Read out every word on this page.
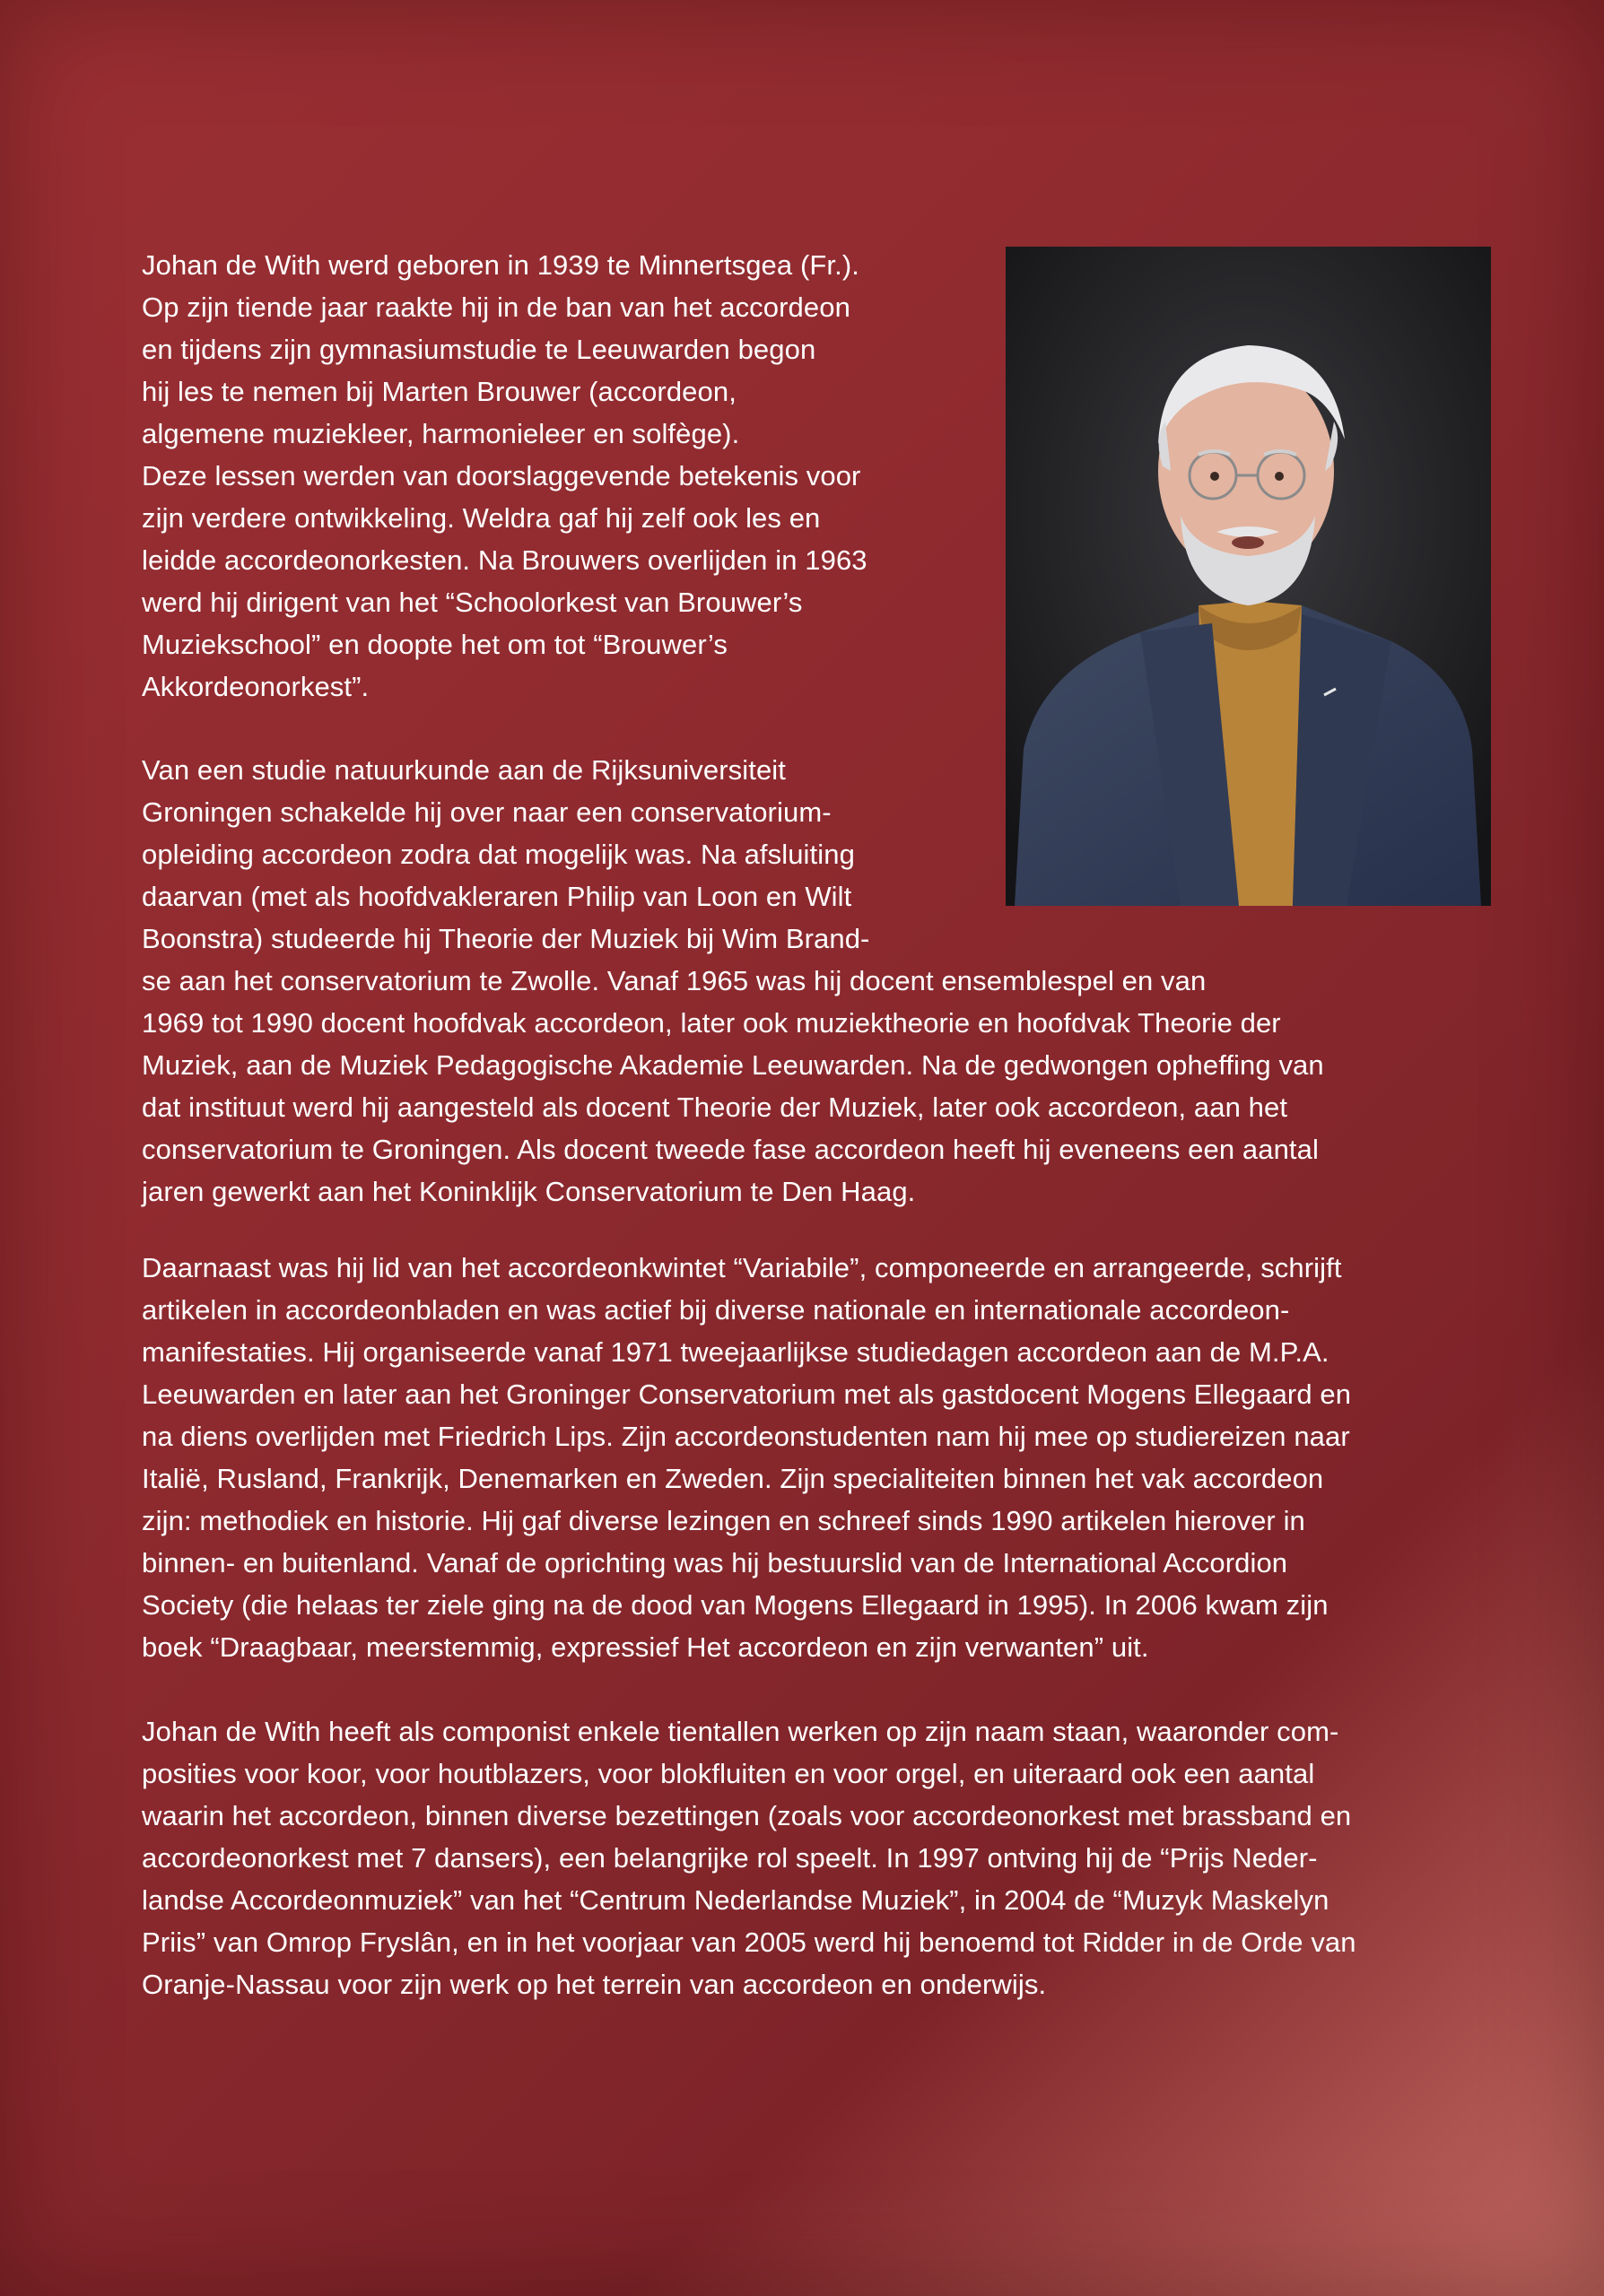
Johan de With werd geboren in 1939 te Minnertsgea (Fr.).
Op zijn tiende jaar raakte hij in de ban van het accordeon
en tijdens zijn gymnasiumstudie te Leeuwarden begon
hij les te nemen bij Marten Brouwer (accordeon,
algemene muziekleer, harmonieleer en solfège).
Deze lessen werden van doorslaggevende betekenis voor
zijn verdere ontwikkeling. Weldra gaf hij zelf ook les en
leidde accordeonorkesten. Na Brouwers overlijden in 1963
werd hij dirigent van het “Schoolorkest van Brouwer’s
Muziekschool” en doopte het om tot “Brouwer’s
Akkordeonorkest”.
Van een studie natuurkunde aan de Rijksuniversiteit
Groningen schakelde hij over naar een conservatorium-
opleiding accordeon zodra dat mogelijk was. Na afsluiting
daarvan (met als hoofdvakleraren Philip van Loon en Wilt
Boonstra) studeerde hij Theorie der Muziek bij Wim Brand-
se aan het conservatorium te Zwolle. Vanaf 1965 was hij docent ensemblespel en van
1969 tot 1990 docent hoofdvak accordeon, later ook muziektheorie en hoofdvak Theorie der
Muziek, aan de Muziek Pedagogische Akademie Leeuwarden. Na de gedwongen opheffing van
dat instituut werd hij aangesteld als docent Theorie der Muziek, later ook accordeon, aan het
conservatorium te Groningen. Als docent tweede fase accordeon heeft hij eveneens een aantal
jaren gewerkt aan het Koninklijk Conservatorium te Den Haag.
Daarnaast was hij lid van het accordeonkwintet “Variabile”, componeerde en arrangeerde, schrijft
artikelen in accordeonbladen en was actief bij diverse nationale en internationale accordeon-
manifestaties. Hij organiseerde vanaf 1971 tweejaarlijkse studiedagen accordeon aan de M.P.A.
Leeuwarden en later aan het Groninger Conservatorium met als gastdocent Mogens Ellegaard en
na diens overlijden met Friedrich Lips. Zijn accordeonstudenten nam hij mee op studiereizen naar
Italië, Rusland, Frankrijk, Denemarken en Zweden. Zijn specialiteiten binnen het vak accordeon
zijn: methodiek en historie. Hij gaf diverse lezingen en schreef sinds 1990 artikelen hierover in
binnen- en buitenland. Vanaf de oprichting was hij bestuurslid van de International Accordion
Society (die helaas ter ziele ging na de dood van Mogens Ellegaard in 1995). In 2006 kwam zijn
boek “Draagbaar, meerstemmig, expressief Het accordeon en zijn verwanten” uit.
Johan de With heeft als componist enkele tientallen werken op zijn naam staan, waaronder com-
posities voor koor, voor houtblazers, voor blokfluiten en voor orgel, en uiteraard ook een aantal
waarin het accordeon, binnen diverse bezettingen (zoals voor accordeonorkest met brassband en
accordeonorkest met 7 dansers), een belangrijke rol speelt. In 1997 ontving hij de “Prijs Neder-
landse Accordeonmuziek” van het “Centrum Nederlandse Muziek”, in 2004 de “Muzyk Maskelyn
Priis” van Omrop Fryslân, en in het voorjaar van 2005 werd hij benoemd tot Ridder in de Orde van
Oranje-Nassau voor zijn werk op het terrein van accordeon en onderwijs.
